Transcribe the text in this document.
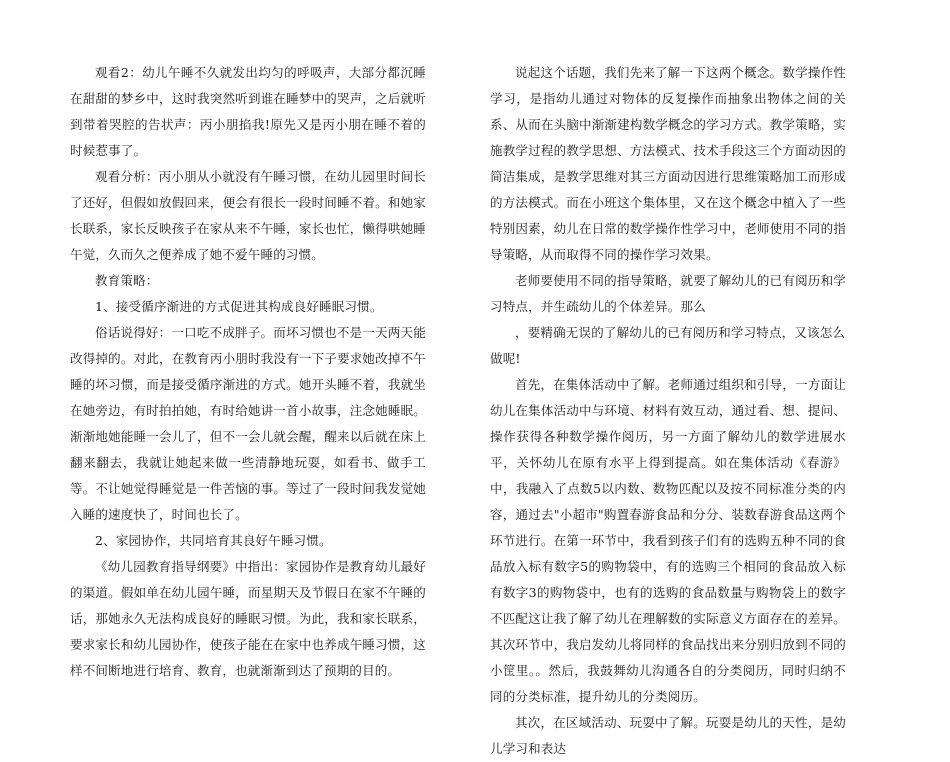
观看2：幼儿午睡不久就发出均匀的呼吸声，大部分都沉睡在甜甜的梦乡中，这时我突然听到谁在睡梦中的哭声，之后就听到带着哭腔的告状声：丙小朋掐我!原先又是丙小朋在睡不着的时候惹事了。

观看分析：丙小朋从小就没有午睡习惯，在幼儿园里时间长了还好，但假如放假回来，便会有很长一段时间睡不着。和她家长联系，家长反映孩子在家从来不午睡，家长也忙，懒得哄她睡午觉，久而久之便养成了她不爱午睡的习惯。

教育策略：

1、接受循序渐进的方式促进其构成良好睡眠习惯。

俗话说得好：一口吃不成胖子。而坏习惯也不是一天两天能改得掉的。对此，在教育丙小朋时我没有一下子要求她改掉不午睡的坏习惯，而是接受循序渐进的方式。她开头睡不着，我就坐在她旁边，有时拍拍她，有时给她讲一首小故事，注念她睡眠。渐渐地她能睡一会儿了，但不一会儿就会醒，醒来以后就在床上翻来翻去，我就让她起来做一些清静地玩耍，如看书、做手工等。不让她觉得睡觉是一件苦恼的事。等过了一段时间我发觉她入睡的速度快了，时间也长了。

2、家园协作，共同培育其良好午睡习惯。

《幼儿园教育指导纲要》中指出：家园协作是教育幼儿最好的渠道。假如单在幼儿园午睡，而星期天及节假日在家不午睡的话，那她永久无法构成良好的睡眠习惯。为此，我和家长联系，要求家长和幼儿园协作，使孩子能在在家中也养成午睡习惯，这样不间断地进行培育、教育，也就渐渐到达了预期的目的。

说起这个话题，我们先来了解一下这两个概念。数学操作性学习，是指幼儿通过对物体的反复操作而抽象出物体之间的关系、从而在头脑中渐渐建构数学概念的学习方式。教学策略，实施教学过程的教学思想、方法模式、技术手段这三个方面动因的简洁集成，是教学思维对其三方面动因进行思维策略加工而形成的方法模式。而在小班这个集体里，又在这个概念中植入了一些特别因素，幼儿在日常的数学操作性学习中，老师使用不同的指导策略，从而取得不同的操作学习效果。

老师要使用不同的指导策略，就要了解幼儿的已有阅历和学习特点，并生疏幼儿的个体差异。那么

，要精确无误的了解幼儿的已有阅历和学习特点，又该怎么做呢!

首先，在集体活动中了解。老师通过组织和引导，一方面让幼儿在集体活动中与环境、材料有效互动，通过看、想、提问、操作获得各种数学操作阅历，另一方面了解幼儿的数学进展水平，关怀幼儿在原有水平上得到提高。如在集体活动《春游》中，我融入了点数5以内数、数物匹配以及按不同标准分类的内容，通过去"小超市"购置春游食品和分分、装数春游食品这两个环节进行。在第一环节中，我看到孩子们有的选购五种不同的食品放入标有数字5的购物袋中，有的选购三个相同的食品放入标有数字3的购物袋中，也有的选购的食品数量与购物袋上的数字不匹配这让我了解了幼儿在理解数的实际意义方面存在的差异。其次环节中，我启发幼儿将同样的食品找出来分别归放到不同的小筐里。。然后，我鼓舞幼儿沟通各自的分类阅历，同时归纳不同的分类标准，提升幼儿的分类阅历。

其次，在区域活动、玩耍中了解。玩耍是幼儿的天性，是幼儿学习和表达
